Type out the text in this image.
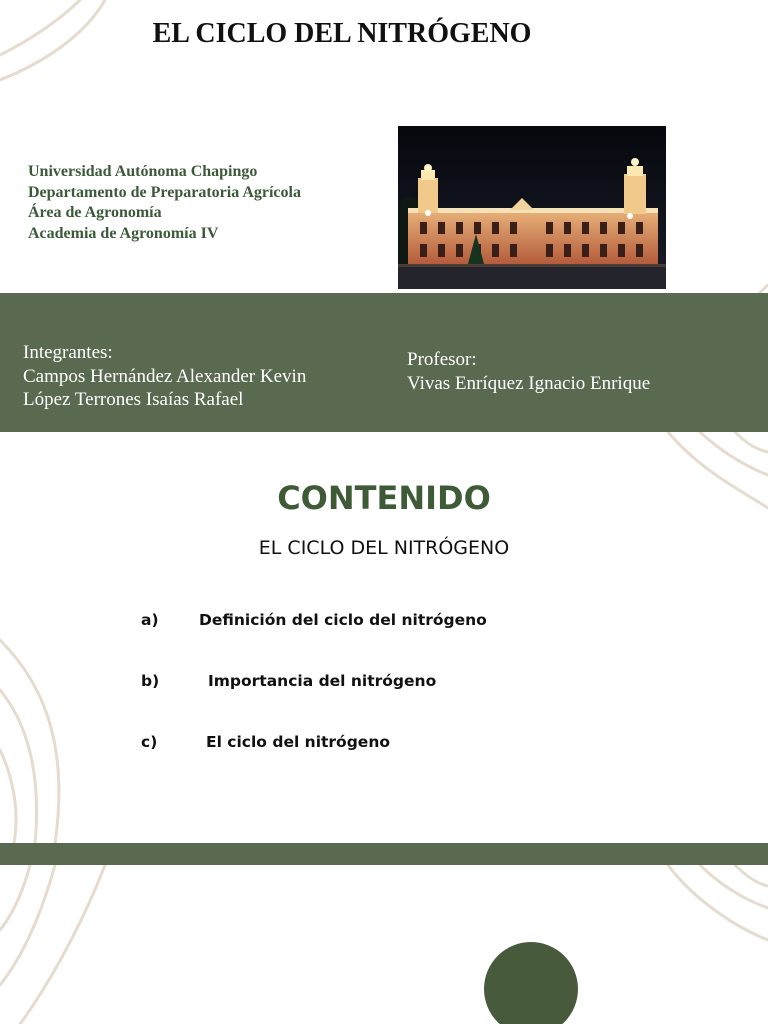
EL CICLO DEL NITRÓGENO
Universidad Autónoma Chapingo
Departamento de Preparatoria Agrícola
Área de Agronomía
Academia de Agronomía IV
Integrantes:
Campos Hernández Alexander Kevin
López Terrones Isaías Rafael
Profesor:
Vivas Enríquez Ignacio Enrique
CONTENIDO
EL CICLO DEL NITRÓGENO
a)	Definición del ciclo del nitrógeno
b)	Importancia del nitrógeno
c)	El ciclo del nitrógeno
